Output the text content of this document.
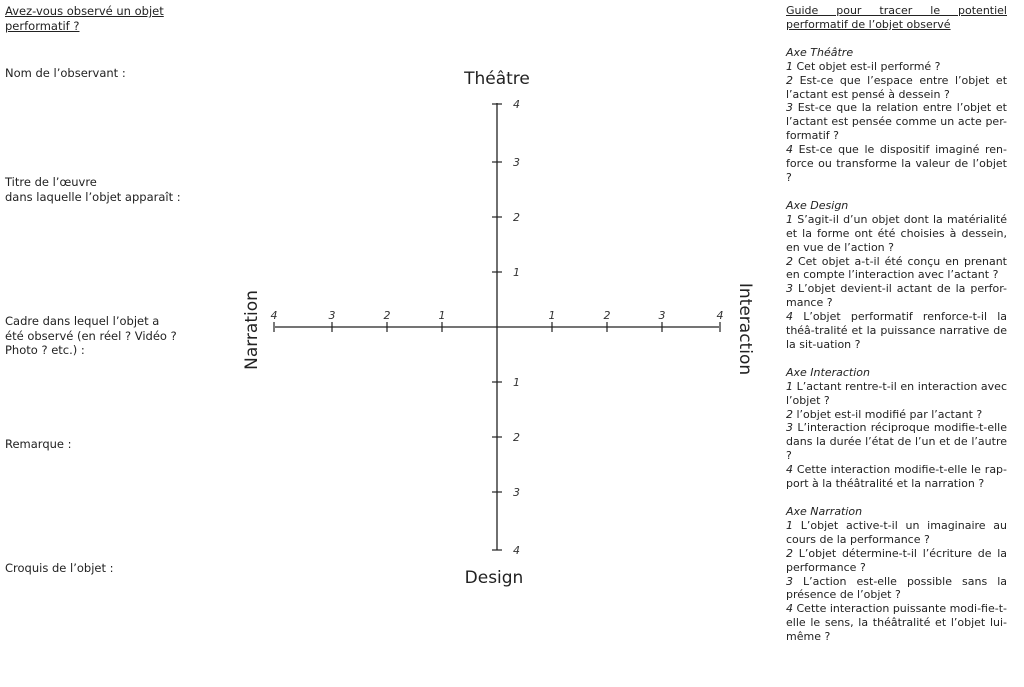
Avez-vous observé un objet performatif ?

Nom de l’observant :

Titre de l’œuvre

dans laquelle l’objet apparaît :

Cadre dans lequel l’objet a été observé (en réel ? Vidéo ? Photo ? etc.) :

Remarque :

Croquis de l’objet :

1
2
3
4
1
2
3
4
1
2
3
4	1	2	3	4
Théâtre
Design
Narration	Interaction

Guide pour tracer le potentiel performatif de l’objet observé

Axe Théâtre

1 Cet objet est-il performé ?

2 Est-ce que l’espace entre l’objet et l’actant est pensé à dessein ?

3 Est-ce que la relation entre l’objet et l’actant est pensée comme un acte per-formatif ?

4 Est-ce que le dispositif imaginé ren-force ou transforme la valeur de l’objet ?

Axe Design

1 S’agit-il d’un objet dont la matérialité et la forme ont été choisies à dessein, en vue de l’action ?

2 Cet objet a-t-il été conçu en prenant en compte l’interaction avec l’actant ?

3 L’objet devient-il actant de la perfor-mance ?

4 L’objet performatif renforce-t-il la théâ-tralité et la puissance narrative de la sit-uation ?

Axe Interaction

1 L’actant rentre-t-il en interaction avec l’objet ?

2 l’objet est-il modifié par l’actant ?

3 L’interaction réciproque modifie-t-elle dans la durée l’état de l’un et de l’autre ?

4 Cette interaction modifie-t-elle le rap-port à la théâtralité et la narration ?

Axe Narration

1 L’objet active-t-il un imaginaire au cours de la performance ?

2 L’objet détermine-t-il l’écriture de la performance ?

3 L’action est-elle possible sans la présence de l’objet ?

4 Cette interaction puissante modi-fie-t-elle le sens, la théâtralité et l’objet lui-même ?
